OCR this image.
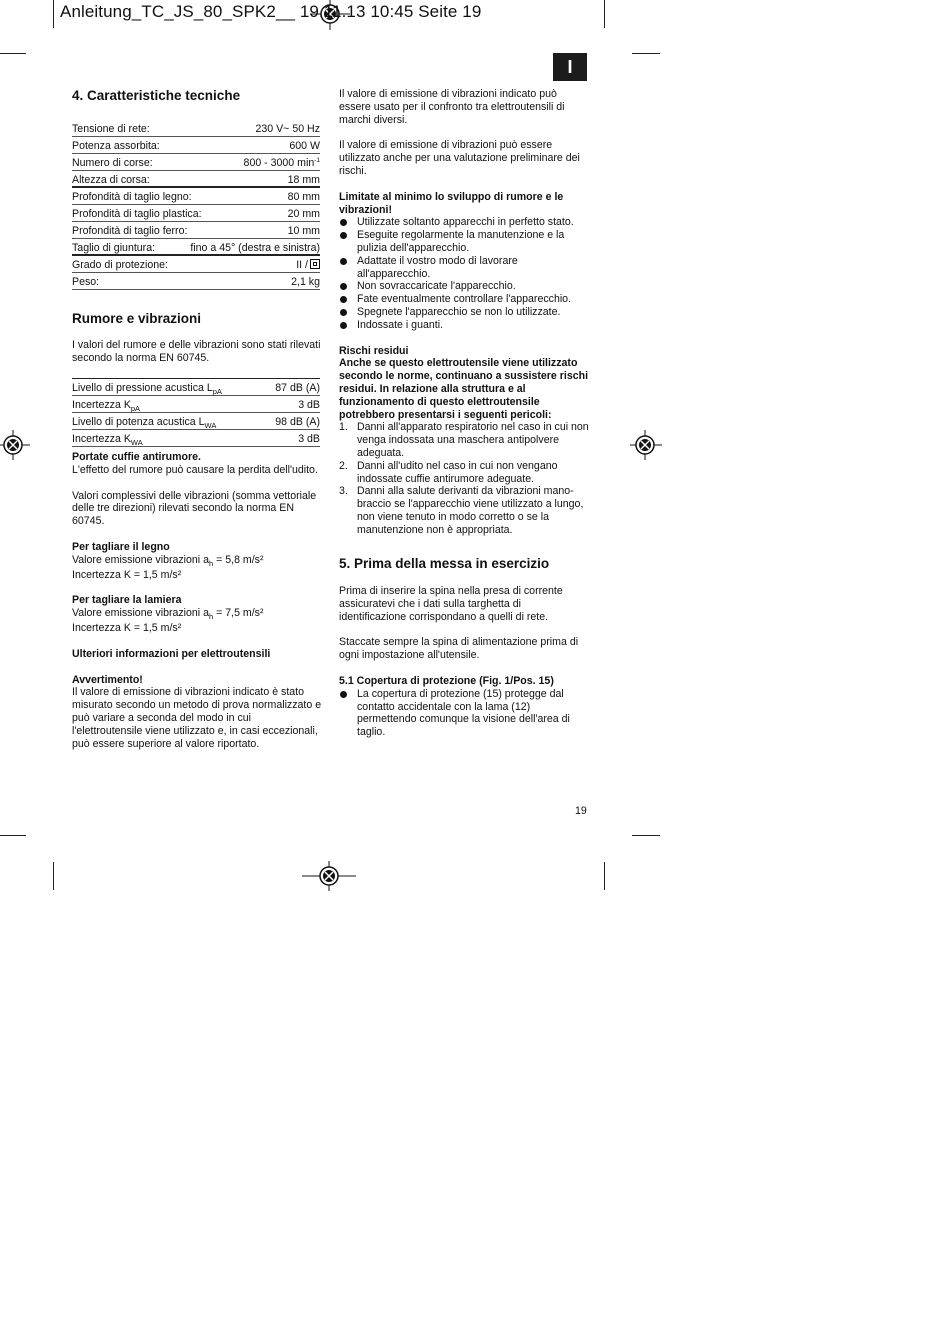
Anleitung_TC_JS_80_SPK2__ 19.11.13 10:45 Seite 19
I
4. Caratteristiche tecniche
Tensione di rete:	230 V~ 50 Hz
Potenza assorbita:	600 W
Numero di corse:	800 - 3000 $\min^{-1}$
Altezza di corsa:	18 mm
Profondità di taglio legno:	80 mm
Profondità di taglio plastica:	20 mm
Profondità di taglio ferro:	10 mm
Taglio di giuntura:	fino a 45° (destra e sinistra)
Grado di protezione:	II /
Peso:	2,1 kg
Rumore e vibrazioni

I valori del rumore e delle vibrazioni sono stati rilevati secondo la norma EN 60745.

Livello di pressione acustica $L_{pA}$	87 dB (A)
Incertezza $K_{pA}$	3 dB
Livello di potenza acustica $L_{WA}$	98 dB (A)
Incertezza $K_{WA}$	3 dB

Portate cuffie antirumore.

L'effetto del rumore può causare la perdita dell'udito.

Valori complessivi delle vibrazioni (somma vettoriale delle tre direzioni) rilevati secondo la norma EN 60745.

Per tagliare il legno

Valore emissione vibrazioni $a_h = 5,8$ m/s²

Incertezza K = 1,5 m/s²

Per tagliare la lamiera

Valore emissione vibrazioni $a_h = 7,5$ m/s²

Incertezza K = 1,5 m/s²

Ulteriori informazioni per elettroutensili

Avvertimento!

Il valore di emissione di vibrazioni indicato è stato misurato secondo un metodo di prova normalizzato e può variare a seconda del modo in cui l'elettroutensile viene utilizzato e, in casi eccezionali, può essere superiore al valore riportato.

Il valore di emissione di vibrazioni indicato può essere usato per il confronto tra elettroutensili di marchi diversi.

Il valore di emissione di vibrazioni può essere utilizzato anche per una valutazione preliminare dei rischi.

Limitate al minimo lo sviluppo di rumore e le vibrazioni!

Utilizzate soltanto apparecchi in perfetto stato.
Eseguite regolarmente la manutenzione e la pulizia dell'apparecchio.
Adattate il vostro modo di lavorare all'apparecchio.
Non sovraccaricate l'apparecchio.
Fate eventualmente controllare l'apparecchio.
Spegnete l'apparecchio se non lo utilizzate.
Indossate i guanti.

Rischi residui

Anche se questo elettroutensile viene utilizzato secondo le norme, continuano a sussistere rischi residui. In relazione alla struttura e al funzionamento di questo elettroutensile potrebbero presentarsi i seguenti pericoli:

1. Danni all'apparato respiratorio nel caso in cui non venga indossata una maschera antipolvere adeguata.
2. Danni all'udito nel caso in cui non vengano indossate cuffie antirumore adeguate.
3. Danni alla salute derivanti da vibrazioni mano-braccio se l'apparecchio viene utilizzato a lungo, non viene tenuto in modo corretto o se la manutenzione non è appropriata.
5. Prima della messa in esercizio

Prima di inserire la spina nella presa di corrente assicuratevi che i dati sulla targhetta di identificazione corrispondano a quelli di rete.

Staccate sempre la spina di alimentazione prima di ogni impostazione all'utensile.

5.1 Copertura di protezione (Fig. 1/Pos. 15)

La copertura di protezione (15) protegge dal contatto accidentale con la lama (12) permettendo comunque la visione dell'area di taglio.
19
